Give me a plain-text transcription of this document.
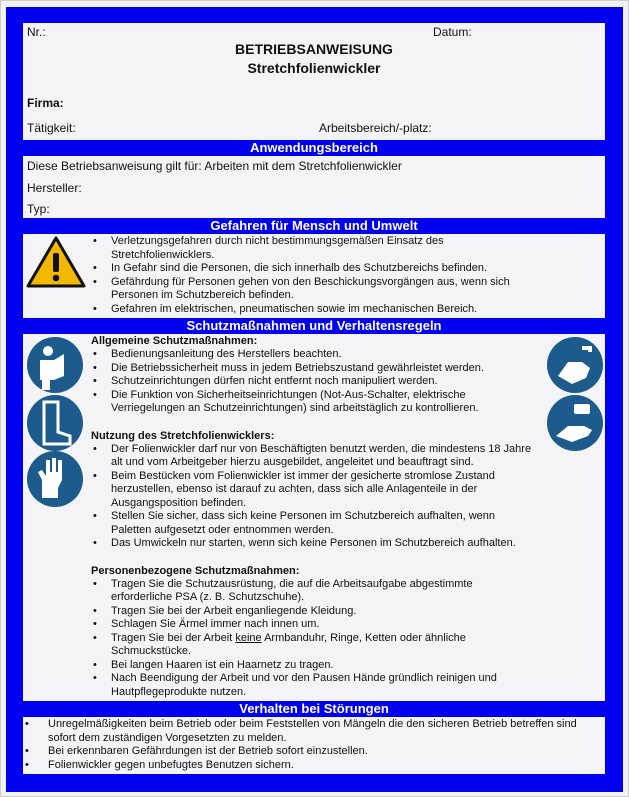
Nr.:	Datum:
BETRIEBSANWEISUNG
Stretchfolienwickler
Firma:
Tätigkeit:	Arbeitsbereich/-platz:
Anwendungsbereich
Diese Betriebsanweisung gilt für: Arbeiten mit dem Stretchfolienwickler
Hersteller:
Typ:
Gefahren für Mensch und Umwelt
• Verletzungsgefahren durch nicht bestimmungsgemäßen Einsatz des Stretchfolienwicklers.
• In Gefahr sind die Personen, die sich innerhalb des Schutzbereichs befinden.
• Gefährdung für Personen gehen von den Beschickungsvorgängen aus, wenn sich Personen im Schutzbereich befinden.
• Gefahren im elektrischen, pneumatischen sowie im mechanischen Bereich.
Schutzmaßnahmen und Verhaltensregeln
Allgemeine Schutzmaßnahmen:
• Bedienungsanleitung des Herstellers beachten.
• Die Betriebssicherheit muss in jedem Betriebszustand gewährleistet werden.
• Schutzeinrichtungen dürfen nicht entfernt noch manipuliert werden.
• Die Funktion von Sicherheitseinrichtungen (Not-Aus-Schalter, elektrische Verriegelungen an Schutzeinrichtungen) sind arbeitstäglich zu kontrollieren.
Nutzung des Stretchfolienwicklers:
• Der Folienwickler darf nur von Beschäftigten benutzt werden, die mindestens 18 Jahre alt und vom Arbeitgeber hierzu ausgebildet, angeleitet und beauftragt sind.
• Beim Bestücken vom Folienwickler ist immer der gesicherte stromlose Zustand herzustellen, ebenso ist darauf zu achten, dass sich alle Anlagenteile in der Ausgangsposition befinden.
• Stellen Sie sicher, dass sich keine Personen im Schutzbereich aufhalten, wenn Paletten aufgesetzt oder entnommen werden.
• Das Umwickeln nur starten, wenn sich keine Personen im Schutzbereich aufhalten.
Personenbezogene Schutzmaßnahmen:
• Tragen Sie die Schutzausrüstung, die auf die Arbeitsaufgabe abgestimmte erforderliche PSA (z. B. Schutzschuhe).
• Tragen Sie bei der Arbeit enganliegende Kleidung.
• Schlagen Sie Ärmel immer nach innen um.
• Tragen Sie bei der Arbeit keine Armbanduhr, Ringe, Ketten oder ähnliche Schmuckstücke.
• Bei langen Haaren ist ein Haarnetz zu tragen.
• Nach Beendigung der Arbeit und vor den Pausen Hände gründlich reinigen und Hautpflegeprodukte nutzen.
Verhalten bei Störungen
• Unregelmäßigkeiten beim Betrieb oder beim Feststellen von Mängeln die den sicheren Betrieb betreffen sind sofort dem zuständigen Vorgesetzten zu melden.
• Bei erkennbaren Gefährdungen ist der Betrieb sofort einzustellen.
• Folienwickler gegen unbefugtes Benutzen sichern.
